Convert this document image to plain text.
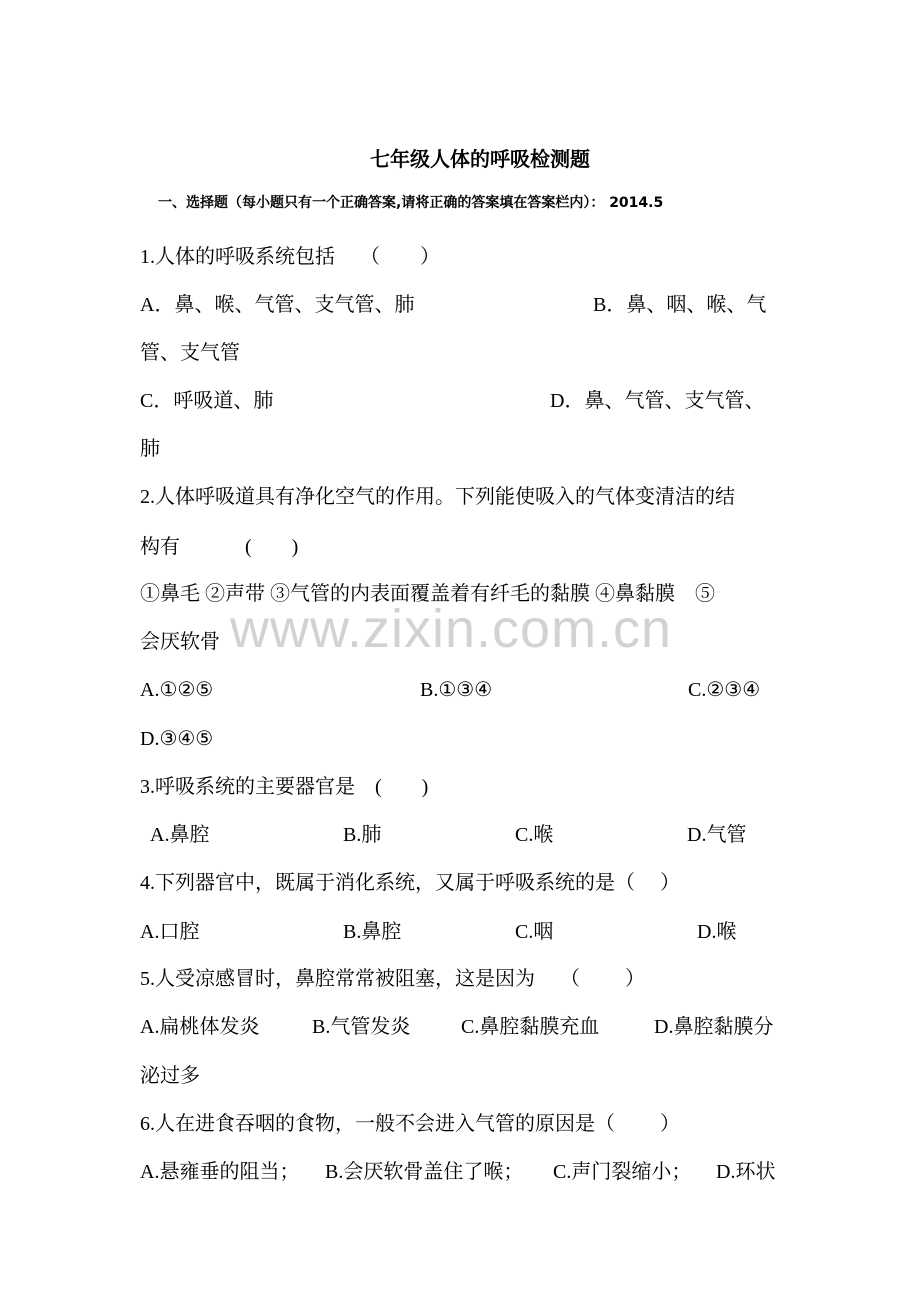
七年级人体的呼吸检测题
一、选择题（每小题只有一个正确答案,请将正确的答案填在答案栏内）： 2014.5
1.人体的呼吸系统包括　 （　　）
A．鼻、喉、气管、支气管、肺	B．鼻、咽、喉、气
管、支气管
C．呼吸道、肺	D．鼻、气管、支气管、
肺
2.人体呼吸道具有净化空气的作用。下列能使吸入的气体变清洁的结
构有　　　 (　　)
①鼻毛 ②声带 ③气管的内表面覆盖着有纤毛的黏膜 ④鼻黏膜　⑤
会厌软骨
A.①②⑤	B.①③④	C.②③④
D.③④⑤
3.呼吸系统的主要器官是　(　　)
A.鼻腔	B.肺	C.喉	D.气管
4.下列器官中，既属于消化系统，又属于呼吸系统的是（　 ）
A.口腔	B.鼻腔	C.咽	D.喉
5.人受凉感冒时，鼻腔常常被阻塞，这是因为　 （　　 ）
A.扁桃体发炎	B.气管发炎	C.鼻腔黏膜充血	D.鼻腔黏膜分
泌过多
6.人在进食吞咽的食物，一般不会进入气管的原因是（　　 ）
A.悬雍垂的阻当； B.会厌软骨盖住了喉； C.声门裂缩小； D.环状
www.zixin.com.cn
